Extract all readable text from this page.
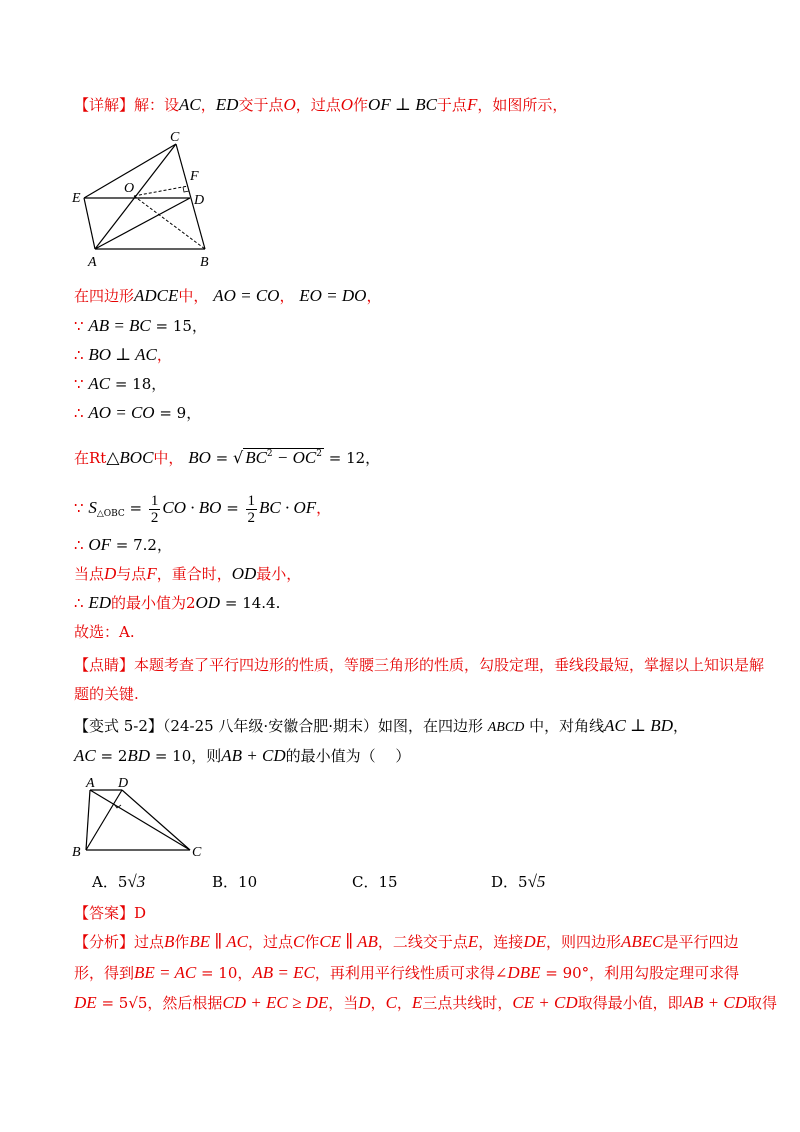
【详解】解：设AC，ED交于点O，过点O作OF ⊥ BC于点F，如图所示，
C
F
O
E	D
A	B
在四边形ADCE中， AO = CO， EO = DO，
∵ AB = BC = 15，
∴ BO ⊥ AC，
∵ AC = 18，
∴ AO = CO = 9，
在Rt△BOC中， BO = √ $BC^2 - OC^2 = 12$，
∵ $S_{\triangle OBC} = \frac{1}{2}$ CO · BO = $\frac{1}{2}$ BC · OF，
∴ OF = 7.2，
当点D与点F，重合时，OD最小，
∴ ED的最小值为2OD = 14.4.
故选：A.
【点睛】本题考查了平行四边形的性质，等腰三角形的性质，勾股定理，垂线段最短，掌握以上知识是解
题的关键.
【变式 5-2】（24-25 八年级·安徽合肥·期末）如图，在四边形 ABCD 中，对角线AC ⊥ BD，
AC = 2BD = 10，则AB + CD的最小值为（　 ）
A D
B	C
A．5√3	B．10	C．15	D．5√5
【答案】D
【分析】过点B作BE ∥ AC，过点C作CE ∥ AB，二线交于点E，连接DE，则四边形ABEC是平行四边
形，得到BE = AC = 10，AB = EC，再利用平行线性质可求得∠DBE = 90°，利用勾股定理可求得
DE = 5√5，然后根据CD + EC ≥ DE，当D，C，E三点共线时，CE + CD取得最小值，即AB + CD取得
